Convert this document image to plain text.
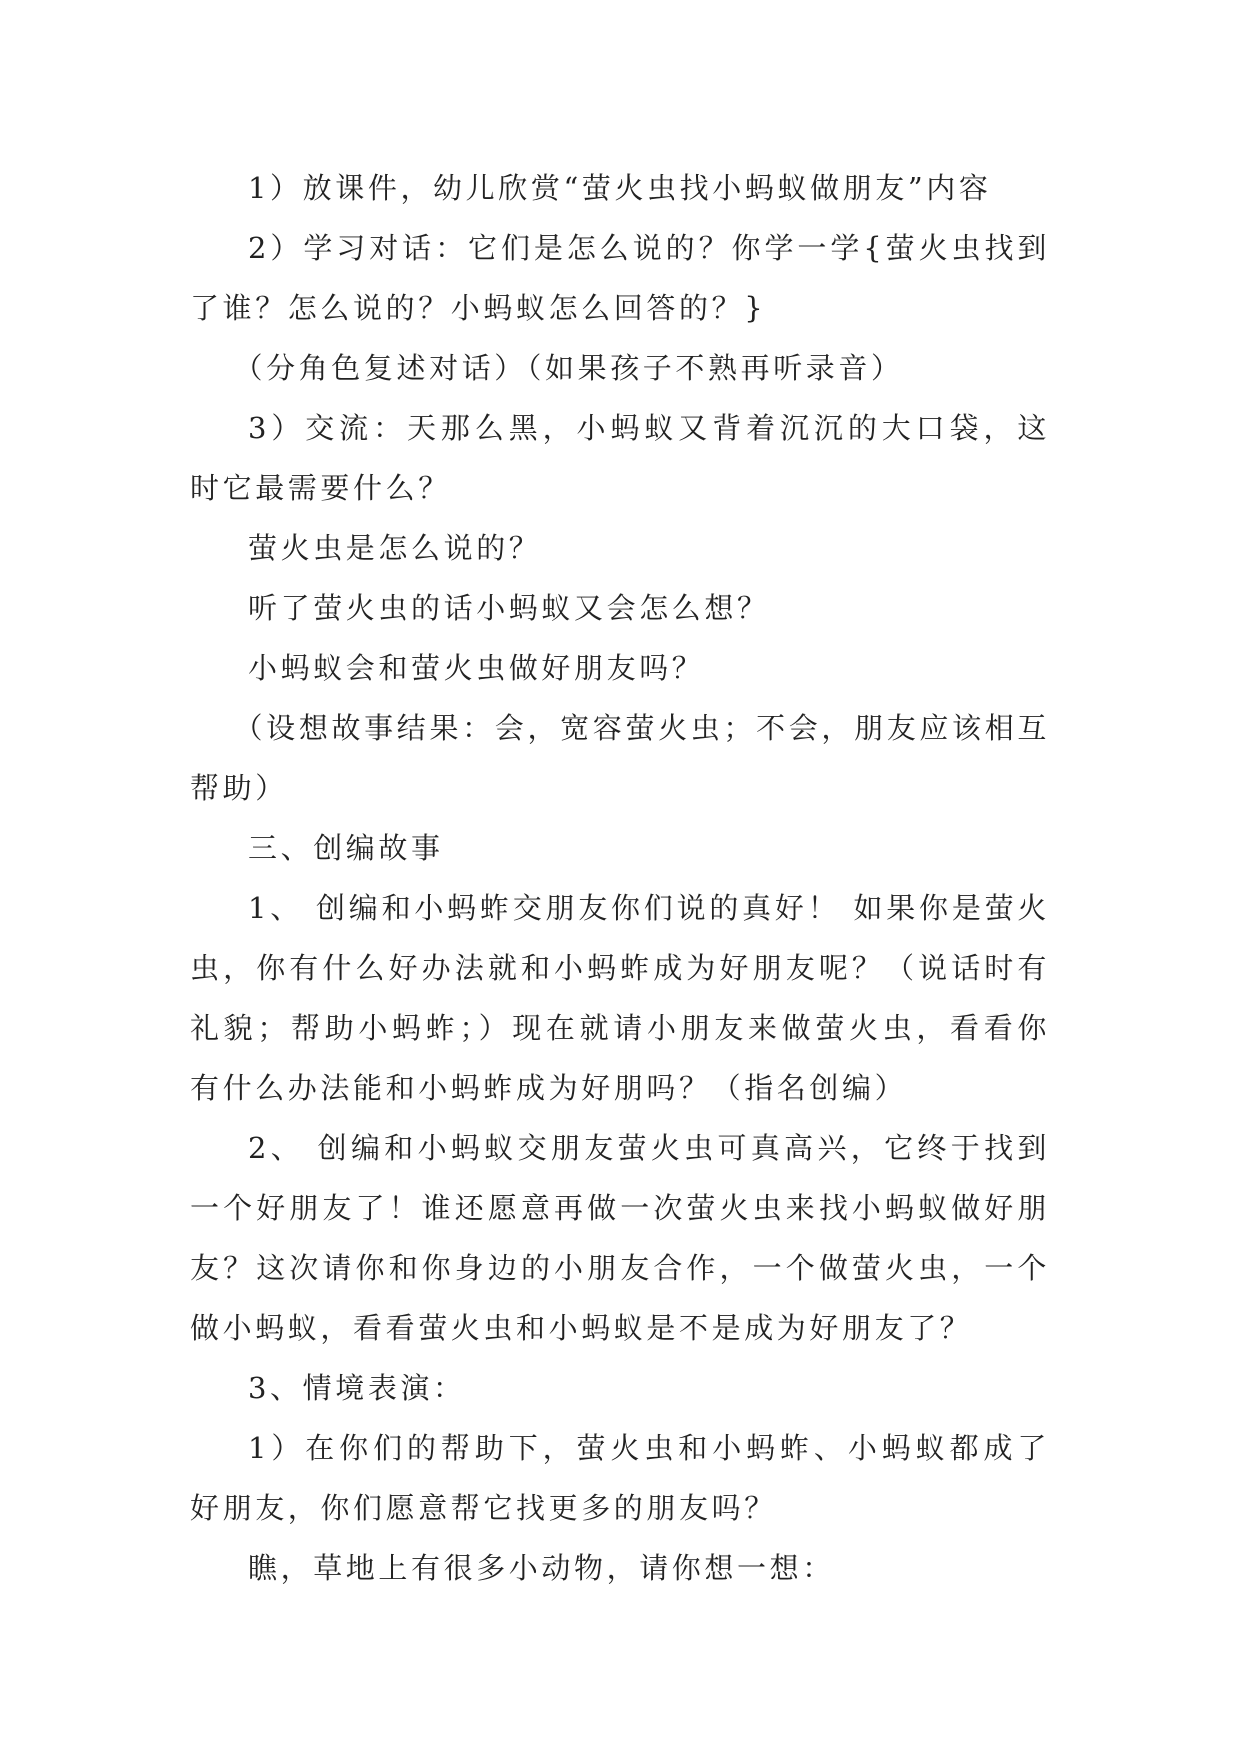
1）放课件，幼儿欣赏“萤火虫找小蚂蚁做朋友”内容

2）学习对话：它们是怎么说的？你学一学{萤火虫找到了谁？怎么说的？小蚂蚁怎么回答的？}

（分角色复述对话）（如果孩子不熟再听录音）

3）交流：天那么黑，小蚂蚁又背着沉沉的大口袋，这时它最需要什么？

萤火虫是怎么说的？

听了萤火虫的话小蚂蚁又会怎么想？

小蚂蚁会和萤火虫做好朋友吗？

（设想故事结果：会，宽容萤火虫；不会，朋友应该相互帮助）

三、创编故事

1、 创编和小蚂蚱交朋友你们说的真好！ 如果你是萤火虫，你有什么好办法就和小蚂蚱成为好朋友呢？（说话时有礼貌；帮助小蚂蚱；）现在就请小朋友来做萤火虫，看看你有什么办法能和小蚂蚱成为好朋吗？（指名创编）

2、 创编和小蚂蚁交朋友萤火虫可真高兴，它终于找到一个好朋友了！谁还愿意再做一次萤火虫来找小蚂蚁做好朋友？这次请你和你身边的小朋友合作，一个做萤火虫，一个做小蚂蚁，看看萤火虫和小蚂蚁是不是成为好朋友了？

3、情境表演：

1）在你们的帮助下，萤火虫和小蚂蚱、小蚂蚁都成了好朋友，你们愿意帮它找更多的朋友吗？

瞧，草地上有很多小动物，请你想一想：
